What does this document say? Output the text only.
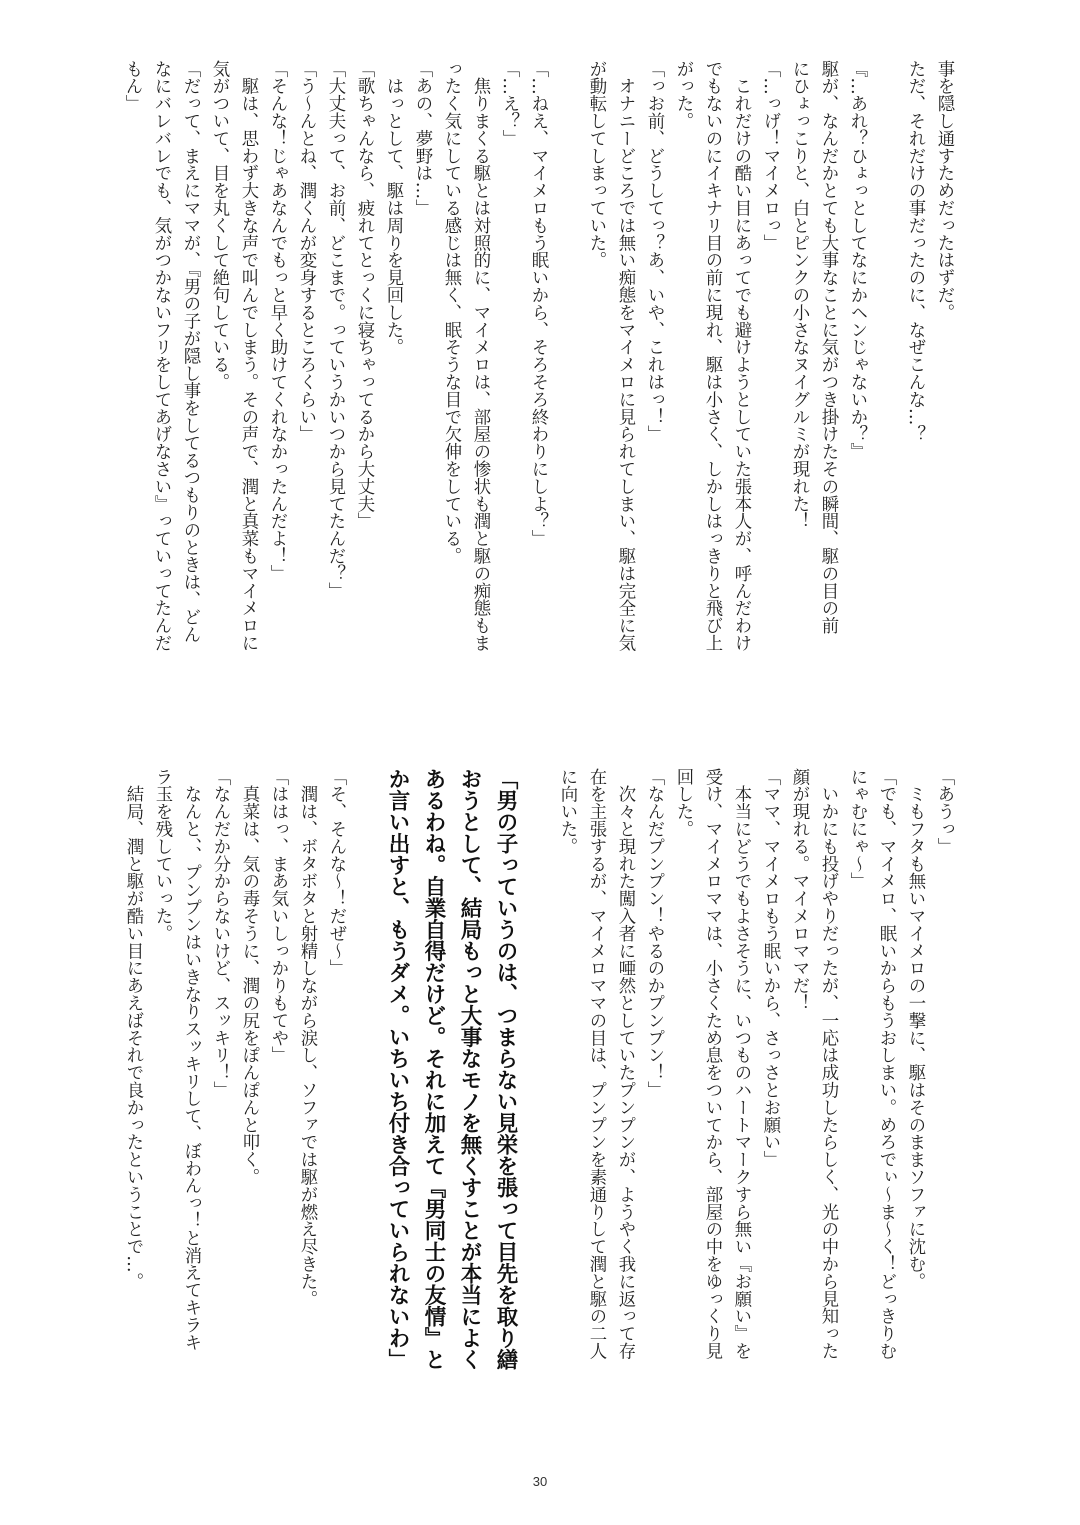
事を隠し通すためだったはずだ。
ただ、それだけの事だったのに、なぜこんな…？
『…あれ？ひょっとしてなにかヘンじゃないか？』
駆が、なんだかとても大事なことに気がつき掛けたその瞬間、駆の目の前
にひょっこりと、白とピンクの小さなヌイグルミが現れた！
「…っげ！マイメロっ」
　これだけの酷い目にあってでも避けようとしていた張本人が、呼んだわけ
でもないのにイキナリ目の前に現れ、駆は小さく、しかしはっきりと飛び上
がった。
「っお前、どうしてっ？あ、いや、これはっ！」
　オナニーどころでは無い痴態をマイメロに見られてしまい、駆は完全に気
が動転してしまっていた。
「…ねえ、マイメロもう眠いから、そろそろ終わりにしよ？」
「…え？」
　焦りまくる駆とは対照的に、マイメロは、部屋の惨状も潤と駆の痴態もま
ったく気にしている感じは無く、眠そうな目で欠伸をしている。
「あの、夢野は…」
　はっとして、駆は周りを見回した。
「歌ちゃんなら、疲れてとっくに寝ちゃってるから大丈夫」
「大丈夫って、お前、どこまで。っていうかいつから見てたんだ？」
「う～んとね、潤くんが変身するところくらい」
「そんな！じゃあなんでもっと早く助けてくれなかったんだよ！」
　駆は、思わず大きな声で叫んでしまう。その声で、潤と真菜もマイメロに
気がついて、目を丸くして絶句している。
「だって、まえにママが、『男の子が隠し事をしてるつもりのときは、どん
なにバレバレでも、気がつかないフリをしてあげなさい』っていってたんだ
もん」
「あうっ」
　ミもフタも無いマイメロの一撃に、駆はそのままソファに沈む。
「でも、マイメロ、眠いからもうおしまい。めろでぃ～ま～く！どっきりむ
にゃむにゃ～」
　いかにも投げやりだったが、一応は成功したらしく、光の中から見知った
顔が現れる。マイメロママだ！
「ママ、マイメロもう眠いから、さっさとお願い」
　本当にどうでもよさそうに、いつものハートマークすら無い『お願い』を
受け、マイメロママは、小さくため息をついてから、部屋の中をゆっくり見
回した。
「なんだプンプン！やるのかプンプン！」
　次々と現れた闖入者に唖然としていたプンプンが、ようやく我に返って存
在を主張するが、マイメロママの目は、プンプンを素通りして潤と駆の二人
に向いた。
「男の子っていうのは、つまらない見栄を張って目先を取り繕
おうとして、結局もっと大事なモノを無くすことが本当によく
あるわね。自業自得だけど。それに加えて『男同士の友情』と
か言い出すと、もうダメ。いちいち付き合っていられないわ」
「そ、そんな～！だぜ～」
　潤は、ボタボタと射精しながら涙し、ソファでは駆が燃え尽きた。
「ははっ、まあ気いしっかりもてや」
　真菜は、気の毒そうに、潤の尻をぽんぽんと叩く。
「なんだか分からないけど、スッキリ！」
　なんと、、プンプンはいきなりスッキリして、ぼわんっ！と消えてキラキ
ラ玉を残していった。
　結局、潤と駆が酷い目にあえばそれで良かったということで…。
30
